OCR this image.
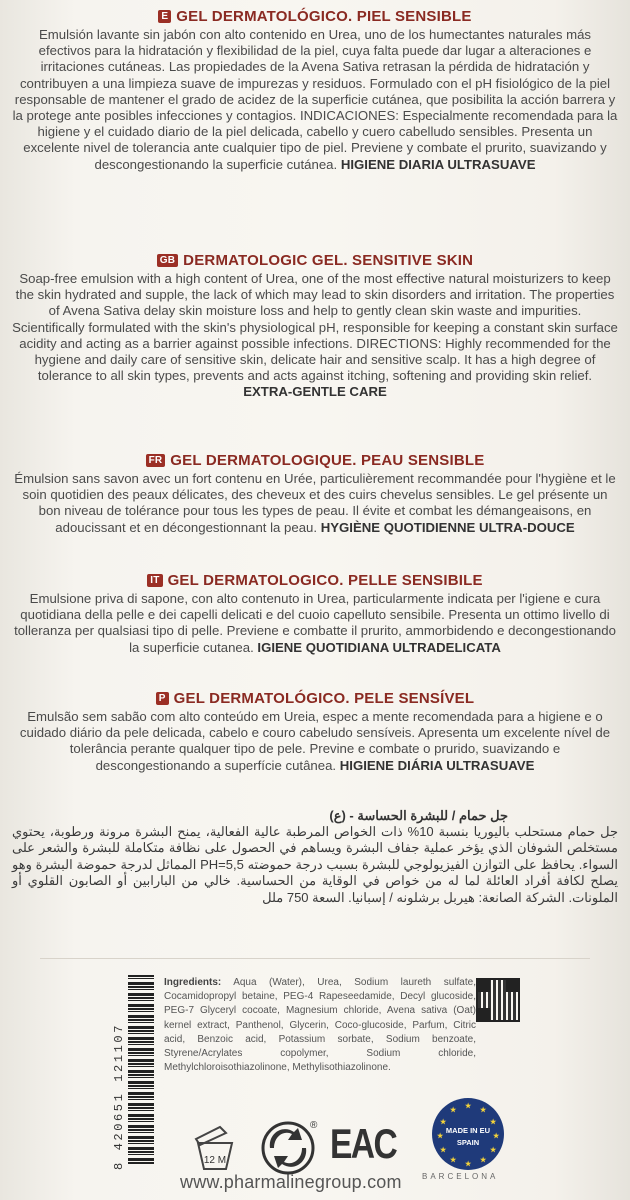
E GEL DERMATOLÓGICO. PIEL SENSIBLE
Emulsión lavante sin jabón con alto contenido en Urea, uno de los humectantes naturales más efectivos para la hidratación y flexibilidad de la piel, cuya falta puede dar lugar a alteraciones e irritaciones cutáneas. Las propiedades de la Avena Sativa retrasan la pérdida de hidratación y contribuyen a una limpieza suave de impurezas y residuos. Formulado con el pH fisiológico de la piel responsable de mantener el grado de acidez de la superficie cutánea, que posibilita la acción barrera y la protege ante posibles infecciones y contagios. INDICACIONES: Especialmente recomendada para la higiene y el cuidado diario de la piel delicada, cabello y cuero cabelludo sensibles. Presenta un excelente nivel de tolerancia ante cualquier tipo de piel. Previene y combate el prurito, suavizando y descongestionando la superficie cutánea. HIGIENE DIARIA ULTRASUAVE
GB DERMATOLOGIC GEL. SENSITIVE SKIN
Soap-free emulsion with a high content of Urea, one of the most effective natural moisturizers to keep the skin hydrated and supple, the lack of which may lead to skin disorders and irritation. The properties of Avena Sativa delay skin moisture loss and help to gently clean skin waste and impurities. Scientifically formulated with the skin's physiological pH, responsible for keeping a constant skin surface acidity and acting as a barrier against possible infections. DIRECTIONS: Highly recommended for the hygiene and daily care of sensitive skin, delicate hair and sensitive scalp. It has a high degree of tolerance to all skin types, prevents and acts against itching, softening and providing skin relief. EXTRA-GENTLE CARE
FR GEL DERMATOLOGIQUE. PEAU SENSIBLE
Émulsion sans savon avec un fort contenu en Urée, particulièrement recommandée pour l'hygiène et le soin quotidien des peaux délicates, des cheveux et des cuirs chevelus sensibles. Le gel présente un bon niveau de tolérance pour tous les types de peau. Il évite et combat les démangeaisons, en adoucissant et en décongestionnant la peau. HYGIÈNE QUOTIDIENNE ULTRA-DOUCE
IT GEL DERMATOLOGICO. PELLE SENSIBILE
Emulsione priva di sapone, con alto contenuto in Urea, particularmente indicata per l'igiene e cura quotidiana della pelle e dei capelli delicati e del cuoio capelluto sensibile. Presenta un ottimo livello di tolleranza per qualsiasi tipo di pelle. Previene e combatte il prurito, ammorbidendo e decongestionando la superficie cutanea. IGIENE QUOTIDIANA ULTRADELICATA
P GEL DERMATOLÓGICO. PELE SENSÍVEL
Emulsão sem sabão com alto conteúdo em Ureia, espec a mente recomendada para a higiene e o cuidado diário da pele delicada, cabelo e couro cabeludo sensíveis. Apresenta um excelente nível de tolerância perante qualquer tipo de pele. Previne e combate o prurido, suavizando e descongestionando a superfície cutânea. HIGIENE DIÁRIA ULTRASUAVE
(ع) - جل حمام / للبشرة الحساسة
جل حمام مستحلب باليوريا بنسبة 10% ذات الخواص المرطبة عالية الفعالية، يمنح البشرة مرونة ورطوبة، يحتوي مستخلص الشوفان الذي يؤخر عملية جفاف البشرة ويساهم في الحصول على نظافة متكاملة للبشرة والشعر على السواء. يحافظ على التوازن الفيزيولوجي للبشرة بسبب درجة حموضته PH=5,5 المماثل لدرجة حموضة البشرة وهو يصلح لكافة أفراد العائلة لما له من خواص في الوقاية من الحساسية. خالي من البارابين أو الصابون القلوي أو الملونات. الشركة الصانعة: هيربل برشلونه / إسبانيا. السعة 750 ملل
8 420651 121107
Ingredients: Aqua (Water), Urea, Sodium laureth sulfate, Cocamidopropyl betaine, PEG-4 Rapeseedamide, Decyl glucoside, PEG-7 Glyceryl cocoate, Magnesium chloride, Avena sativa (Oat) kernel extract, Panthenol, Glycerin, Coco-glucoside, Parfum, Citric acid, Benzoic acid, Potassium sorbate, Sodium benzoate, Styrene/Acrylates copolymer, Sodium chloride, Methylchloroisothiazolinone, Methylisothiazolinone.
12 M
® EAC
★
★
★
★
★
★
★
★
★
★
★
★
MADE IN EU
SPAIN
BARCELONA
www.pharmalinegroup.com
